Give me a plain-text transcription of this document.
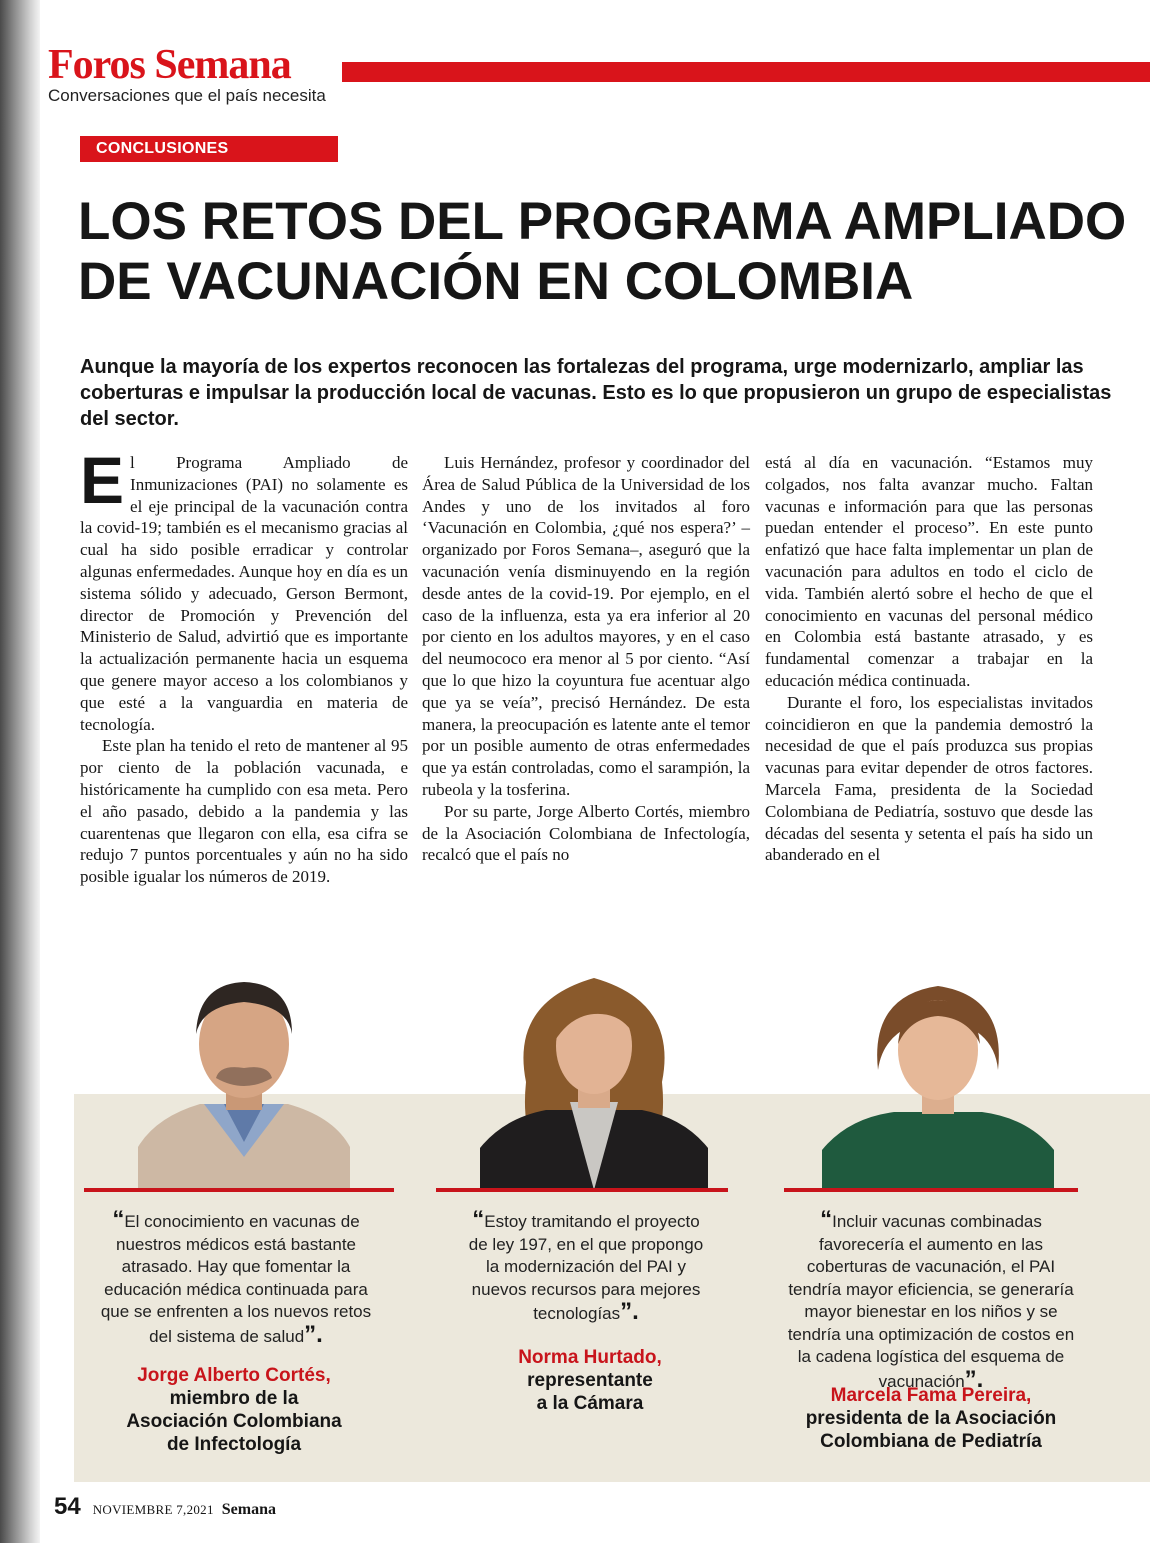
Foros Semana
Conversaciones que el país necesita
CONCLUSIONES
LOS RETOS DEL PROGRAMA AMPLIADO DE VACUNACIÓN EN COLOMBIA

Aunque la mayoría de los expertos reconocen las fortalezas del programa, urge modernizarlo, ampliar las coberturas e impulsar la producción local de vacunas. Esto es lo que propusieron un grupo de especialistas del sector.

El Programa Ampliado de Inmunizaciones (PAI) no solamente es el eje principal de la vacunación contra la covid-19; también es el mecanismo gracias al cual ha sido posible erradicar y controlar algunas enfermedades. Aunque hoy en día es un sistema sólido y adecuado, Gerson Bermont, director de Promoción y Prevención del Ministerio de Salud, advirtió que es importante la actualización permanente hacia un esquema que genere mayor acceso a los colombianos y que esté a la vanguardia en materia de tecnología.

Este plan ha tenido el reto de mantener al 95 por ciento de la población vacunada, e históricamente ha cumplido con esa meta. Pero el año pasado, debido a la pandemia y las cuarentenas que llegaron con ella, esa cifra se redujo 7 puntos porcentuales y aún no ha sido posible igualar los números de 2019.

Luis Hernández, profesor y coordinador del Área de Salud Pública de la Universidad de los Andes y uno de los invitados al foro ‘Vacunación en Colombia, ¿qué nos espera?’ –organizado por Foros Semana–, aseguró que la vacunación venía disminuyendo en la región desde antes de la covid-19. Por ejemplo, en el caso de la influenza, esta ya era inferior al 20 por ciento en los adultos mayores, y en el caso del neumococo era menor al 5 por ciento. “Así que lo que hizo la coyuntura fue acentuar algo que ya se veía”, precisó Hernández. De esta manera, la preocupación es latente ante el temor por un posible aumento de otras enfermedades que ya están controladas, como el sarampión, la rubeola y la tosferina.

Por su parte, Jorge Alberto Cortés, miembro de la Asociación Colombiana de Infectología, recalcó que el país no

está al día en vacunación. “Estamos muy colgados, nos falta avanzar mucho. Faltan vacunas e información para que las personas puedan entender el proceso”. En este punto enfatizó que hace falta implementar un plan de vacunación para adultos en todo el ciclo de vida. También alertó sobre el hecho de que el conocimiento en vacunas del personal médico en Colombia está bastante atrasado, y es fundamental comenzar a trabajar en la educación médica continuada.

Durante el foro, los especialistas invitados coincidieron en que la pandemia demostró la necesidad de que el país produzca sus propias vacunas para evitar depender de otros factores. Marcela Fama, presidenta de la Sociedad Colombiana de Pediatría, sostuvo que desde las décadas del sesenta y setenta el país ha sido un abanderado en el

“El conocimiento en vacunas de nuestros médicos está bastante atrasado. Hay que fomentar la educación médica continuada para que se enfrenten a los nuevos retos del sistema de salud”.

“Estoy tramitando el proyecto de ley 197, en el que propongo la modernización del PAI y nuevos recursos para mejores tecnologías”.

“Incluir vacunas combinadas favorecería el aumento en las coberturas de vacunación, el PAI tendría mayor eficiencia, se generaría mayor bienestar en los niños y se tendría una optimización de costos en la cadena logística del esquema de vacunación”.

Jorge Alberto Cortés,
miembro de la
Asociación Colombiana
de Infectología
Norma Hurtado,
representante
a la Cámara	Marcela Fama Pereira,
presidenta de la Asociación
Colombiana de Pediatría
54 NOVIEMBRE 7,2021 Semana
